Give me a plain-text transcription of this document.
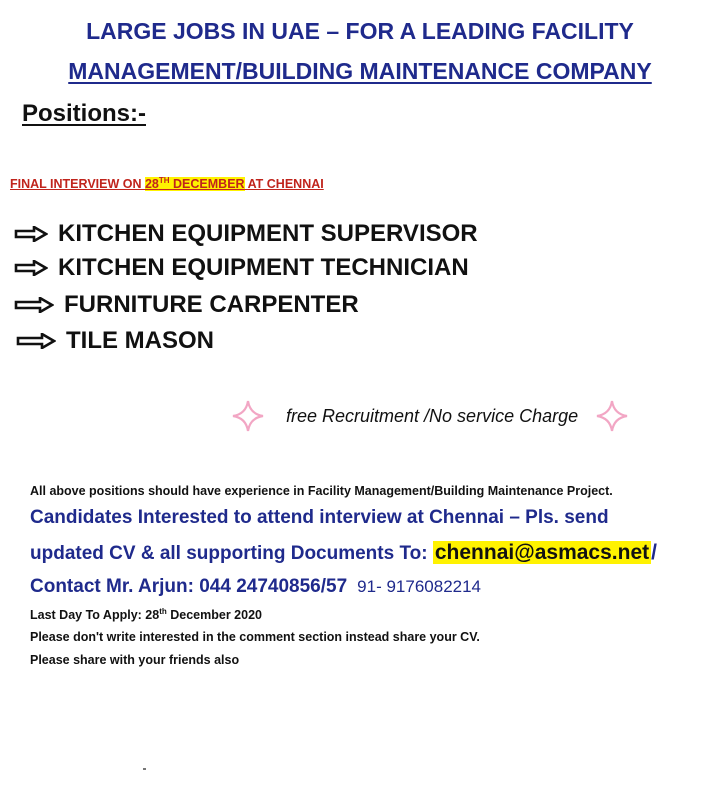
LARGE JOBS IN UAE – FOR A LEADING FACILITY
MANAGEMENT/BUILDING MAINTENANCE COMPANY
Positions:-
FINAL INTERVIEW ON 28TH DECEMBER AT CHENNAI
KITCHEN EQUIPMENT SUPERVISOR
KITCHEN EQUIPMENT TECHNICIAN
FURNITURE CARPENTER
TILE MASON
free Recruitment /No service Charge
All above positions should have experience in Facility Management/Building Maintenance Project.
Candidates Interested to attend interview at Chennai – Pls. send
updated CV & all supporting Documents To: chennai@asmacs.net/
Contact Mr. Arjun: 044 24740856/57 91- 9176082214
Last Day To Apply: 28th December 2020
Please don't write interested in the comment section instead share your CV.
Please share with your friends also
